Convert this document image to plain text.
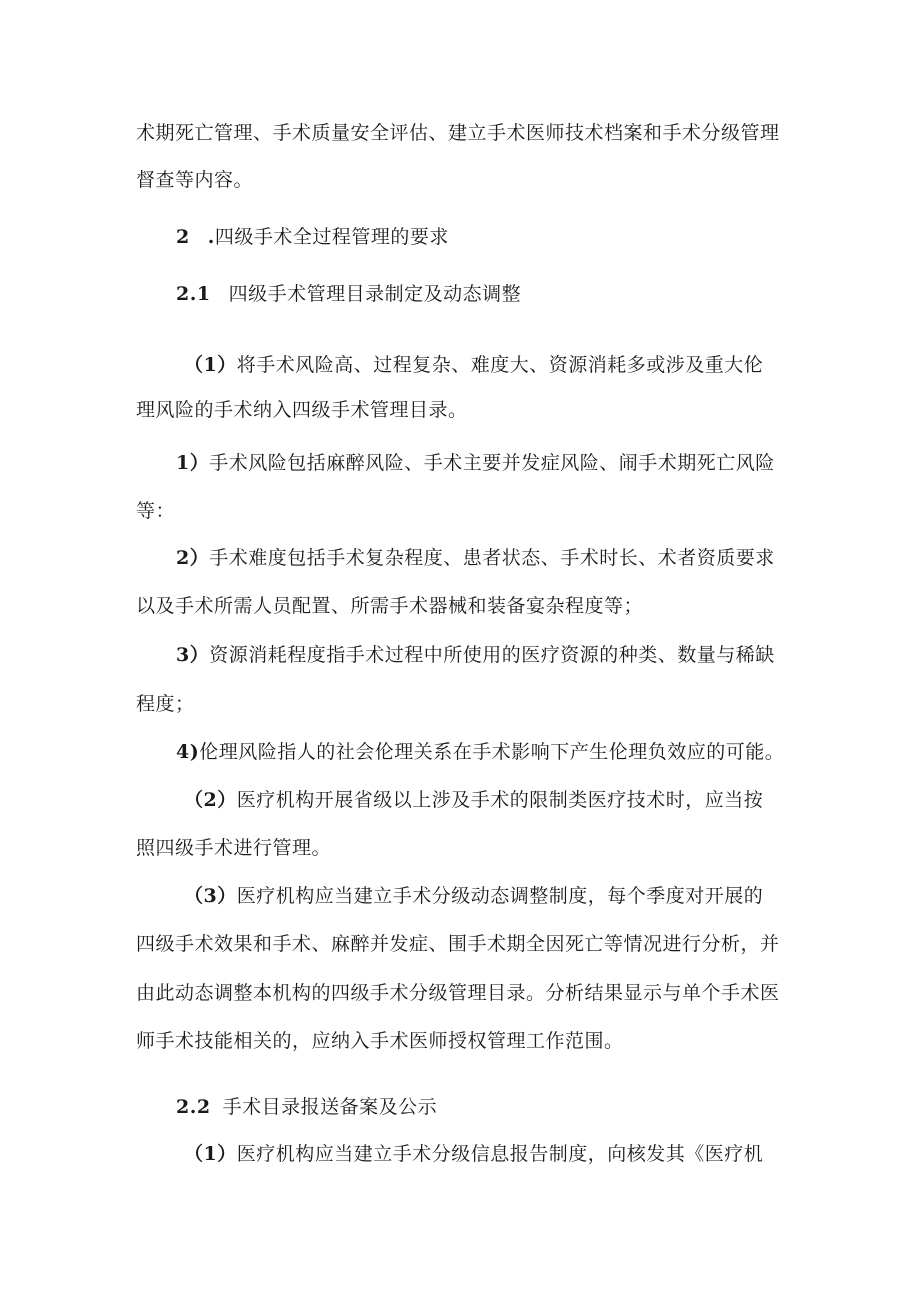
术期死亡管理、手术质量安全评估、建立手术医师技术档案和手术分级管理
督查等内容。
2 .四级手术全过程管理的要求
2.1 四级手术管理目录制定及动态调整
（1）将手术风险高、过程复杂、难度大、资源消耗多或涉及重大伦
理风险的手术纳入四级手术管理目录。
1）手术风险包括麻醉风险、手术主要并发症风险、闹手术期死亡风险
等：
2）手术难度包括手术复杂程度、患者状态、手术时长、术者资质要求
以及手术所需人员配置、所需手术器械和装备宴杂程度等；
3）资源消耗程度指手术过程中所使用的医疗资源的种类、数量与稀缺
程度；
4)伦理风险指人的社会伦理关系在手术影响下产生伦理负效应的可能。
（2）医疗机构开展省级以上涉及手术的限制类医疗技术时，应当按
照四级手术进行管理。
（3）医疗机构应当建立手术分级动态调整制度，每个季度对开展的
四级手术效果和手术、麻醉并发症、围手术期全因死亡等情况进行分析，并
由此动态调整本机构的四级手术分级管理目录。分析结果显示与单个手术医
师手术技能相关的，应纳入手术医师授权管理工作范围。
2.2 手术目录报送备案及公示
（1）医疗机构应当建立手术分级信息报告制度，向核发其《医疗机
